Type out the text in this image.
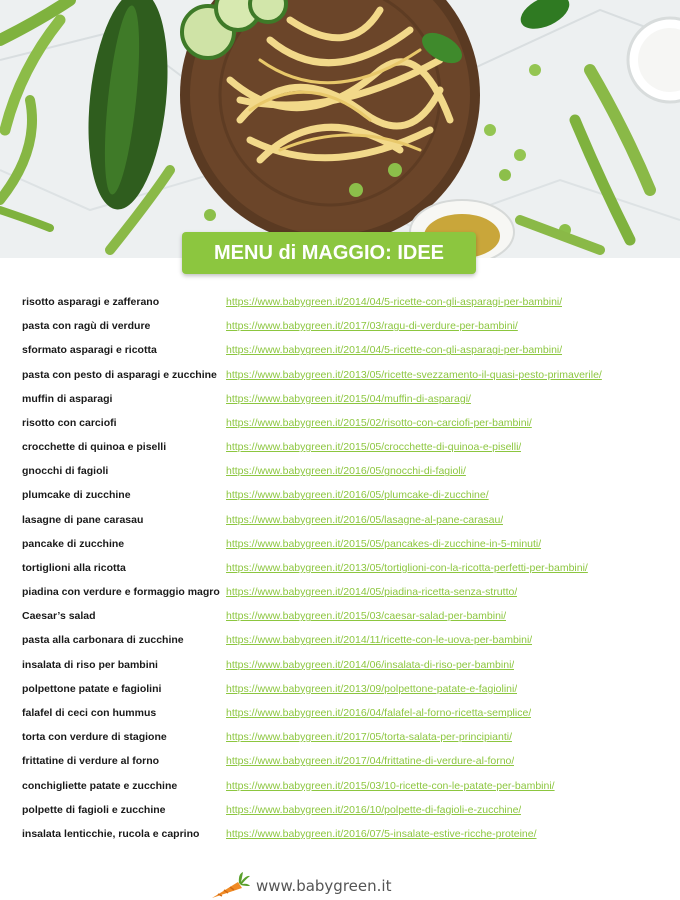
MENU di MAGGIO: IDEE
risotto asparagi e zafferano	https://www.babygreen.it/2014/04/5-ricette-con-gli-asparagi-per-bambini/
pasta con ragù di verdure	https://www.babygreen.it/2017/03/ragu-di-verdure-per-bambini/
sformato asparagi e ricotta	https://www.babygreen.it/2014/04/5-ricette-con-gli-asparagi-per-bambini/
pasta con pesto di asparagi e zucchine https://www.babygreen.it/2013/05/ricette-svezzamento-il-quasi-pesto-primaverile/
muffin di asparagi	https://www.babygreen.it/2015/04/muffin-di-asparagi/
risotto con carciofi	https://www.babygreen.it/2015/02/risotto-con-carciofi-per-bambini/
crocchette di quinoa e piselli	https://www.babygreen.it/2015/05/crocchette-di-quinoa-e-piselli/
gnocchi di fagioli	https://www.babygreen.it/2016/05/gnocchi-di-fagioli/
plumcake di zucchine	https://www.babygreen.it/2016/05/plumcake-di-zucchine/
lasagne di pane carasau	https://www.babygreen.it/2016/05/lasagne-al-pane-carasau/
pancake di zucchine	https://www.babygreen.it/2015/05/pancakes-di-zucchine-in-5-minuti/
tortiglioni alla ricotta	https://www.babygreen.it/2013/05/tortiglioni-con-la-ricotta-perfetti-per-bambini/
piadina con verdure e formaggio magro https://www.babygreen.it/2014/05/piadina-ricetta-senza-strutto/
Caesar’s salad	https://www.babygreen.it/2015/03/caesar-salad-per-bambini/
pasta alla carbonara di zucchine	https://www.babygreen.it/2014/11/ricette-con-le-uova-per-bambini/
insalata di riso per bambini	https://www.babygreen.it/2014/06/insalata-di-riso-per-bambini/
polpettone patate e fagiolini	https://www.babygreen.it/2013/09/polpettone-patate-e-fagiolini/
falafel di ceci con hummus	https://www.babygreen.it/2016/04/falafel-al-forno-ricetta-semplice/
torta con verdure di stagione	https://www.babygreen.it/2017/05/torta-salata-per-principianti/
frittatine di verdure al forno	https://www.babygreen.it/2017/04/frittatine-di-verdure-al-forno/
conchigliette patate e zucchine	https://www.babygreen.it/2015/03/10-ricette-con-le-patate-per-bambini/
polpette di fagioli e zucchine	https://www.babygreen.it/2016/10/polpette-di-fagioli-e-zucchine/
insalata lenticchie, rucola e caprino	https://www.babygreen.it/2016/07/5-insalate-estive-ricche-proteine/
www.babygreen.it
